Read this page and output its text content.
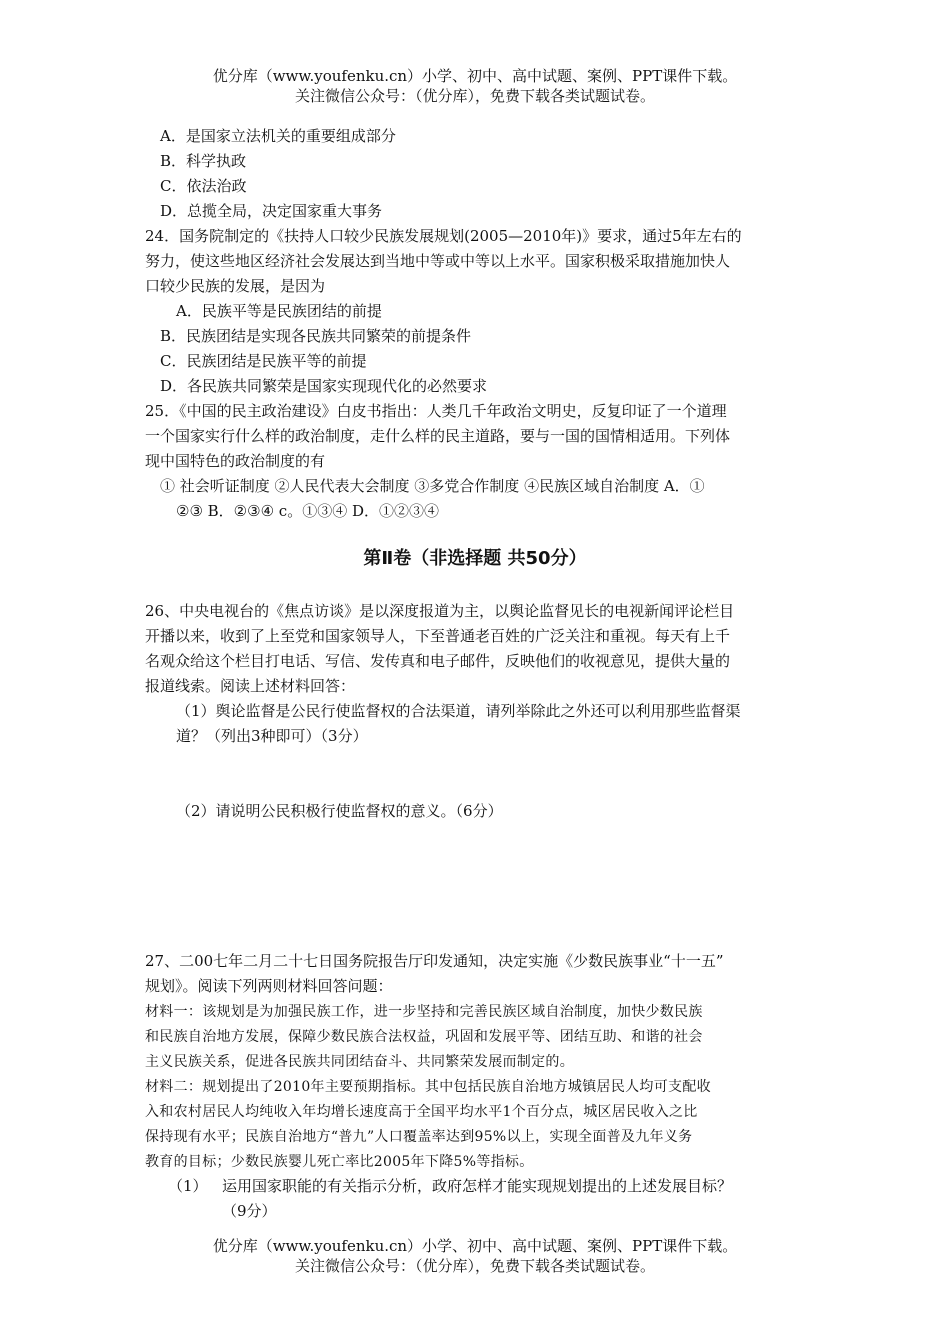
优分库（www.youfenku.cn）小学、初中、高中试题、案例、PPT课件下载。
关注微信公众号：（优分库），免费下载各类试题试卷。
A．是国家立法机关的重要组成部分
B．科学执政
C．依法治政
D．总揽全局，决定国家重大事务
24．国务院制定的《扶持人口较少民族发展规划(2005—2010年)》要求，通过5年左右的
努力，使这些地区经济社会发展达到当地中等或中等以上水平。国家积极采取措施加快人
口较少民族的发展，是因为
A．民族平等是民族团结的前提
B．民族团结是实现各民族共同繁荣的前提条件
C．民族团结是民族平等的前提
D．各民族共同繁荣是国家实现现代化的必然要求
25．《中国的民主政治建设》白皮书指出：人类几千年政治文明史，反复印证了一个道理
一个国家实行什么样的政治制度，走什么样的民主道路，要与一国的国情相适用。下列体
现中国特色的政治制度的有
① 社会听证制度 ②人民代表大会制度 ③多党合作制度 ④民族区域自治制度 A．①
②③ B．②③④ c。①③④ D．①②③④
第Ⅱ卷（非选择题 共50分）
26、中央电视台的《焦点访谈》是以深度报道为主，以舆论监督见长的电视新闻评论栏目
开播以来，收到了上至党和国家领导人，下至普通老百姓的广泛关注和重视。每天有上千
名观众给这个栏目打电话、写信、发传真和电子邮件，反映他们的收视意见，提供大量的
报道线索。阅读上述材料回答：
（1）舆论监督是公民行使监督权的合法渠道，请列举除此之外还可以利用那些监督渠
道？（列出3种即可）（3分）
（2）请说明公民积极行使监督权的意义。（6分）
27、二00七年二月二十七日国务院报告厅印发通知，决定实施《少数民族事业“十一五”
规划》。阅读下列两则材料回答问题：
材料一：该规划是为加强民族工作，进一步坚持和完善民族区域自治制度，加快少数民族
和民族自治地方发展，保障少数民族合法权益，巩固和发展平等、团结互助、和谐的社会
主义民族关系，促进各民族共同团结奋斗、共同繁荣发展而制定的。
材料二：规划提出了2010年主要预期指标。其中包括民族自治地方城镇居民人均可支配收
入和农村居民人均纯收入年均增长速度高于全国平均水平1个百分点，城区居民收入之比
保持现有水平；民族自治地方“普九”人口覆盖率达到95%以上，实现全面普及九年义务
教育的目标；少数民族婴儿死亡率比2005年下降5%等指标。
（1） 运用国家职能的有关指示分析，政府怎样才能实现规划提出的上述发展目标？
（9分）
优分库（www.youfenku.cn）小学、初中、高中试题、案例、PPT课件下载。
关注微信公众号：（优分库），免费下载各类试题试卷。
